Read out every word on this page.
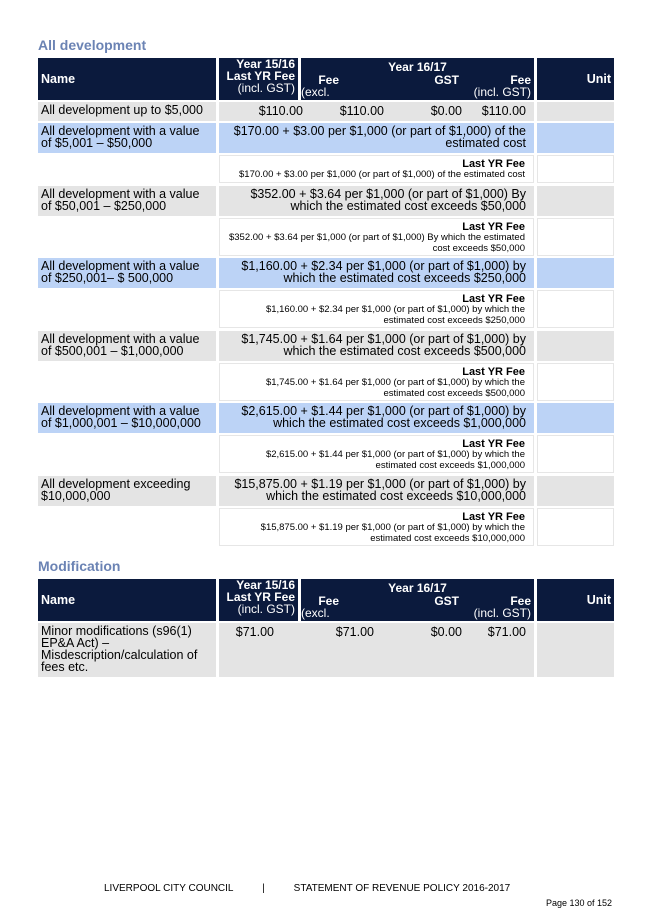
All development
Name
Year 15/16
Last YR Fee
(incl. GST)
Year 16/17
Fee
(excl.
GST	Fee
(incl. GST)
Unit
All development up to $5,000	$110.00	$110.00	$0.00 $110.00
All development with a value of $5,001 – $50,000
$170.00 + $3.00 per $1,000 (or part of $1,000) of the estimated cost
Last YR Fee
$170.00 + $3.00 per $1,000 (or part of $1,000) of the estimated cost
All development with a value of $50,001 – $250,000
$352.00 + $3.64 per $1,000 (or part of $1,000) By which the estimated cost exceeds $50,000
Last YR Fee
$352.00 + $3.64 per $1,000 (or part of $1,000) By which the estimated cost exceeds $50,000
All development with a value of $250,001– $ 500,000
$1,160.00 + $2.34 per $1,000 (or part of $1,000) by which the estimated cost exceeds $250,000
Last YR Fee
$1,160.00 + $2.34 per $1,000 (or part of $1,000) by which the estimated cost exceeds $250,000
All development with a value of $500,001 – $1,000,000
$1,745.00 + $1.64 per $1,000 (or part of $1,000) by which the estimated cost exceeds $500,000
Last YR Fee
$1,745.00 + $1.64 per $1,000 (or part of $1,000) by which the estimated cost exceeds $500,000
All development with a value of $1,000,001 – $10,000,000
$2,615.00 + $1.44 per $1,000 (or part of $1,000) by which the estimated cost exceeds $1,000,000
Last YR Fee
$2,615.00 + $1.44 per $1,000 (or part of $1,000) by which the estimated cost exceeds $1,000,000
All development exceeding $10,000,000
$15,875.00 + $1.19 per $1,000 (or part of $1,000) by which the estimated cost exceeds $10,000,000
Last YR Fee
$15,875.00 + $1.19 per $1,000 (or part of $1,000) by which the estimated cost exceeds $10,000,000
Modification
Name
Year 15/16
Last YR Fee
(incl. GST)
Year 16/17
Fee
(excl.
GST	Fee
(incl. GST)
Unit
Minor modifications (s96(1) EP&A Act) – Misdescription/calculation of fees etc.
$71.00	$71.00	$0.00 $71.00
LIVERPOOL CITY COUNCIL	|	STATEMENT OF REVENUE POLICY 2016-2017
Page 130 of 152
